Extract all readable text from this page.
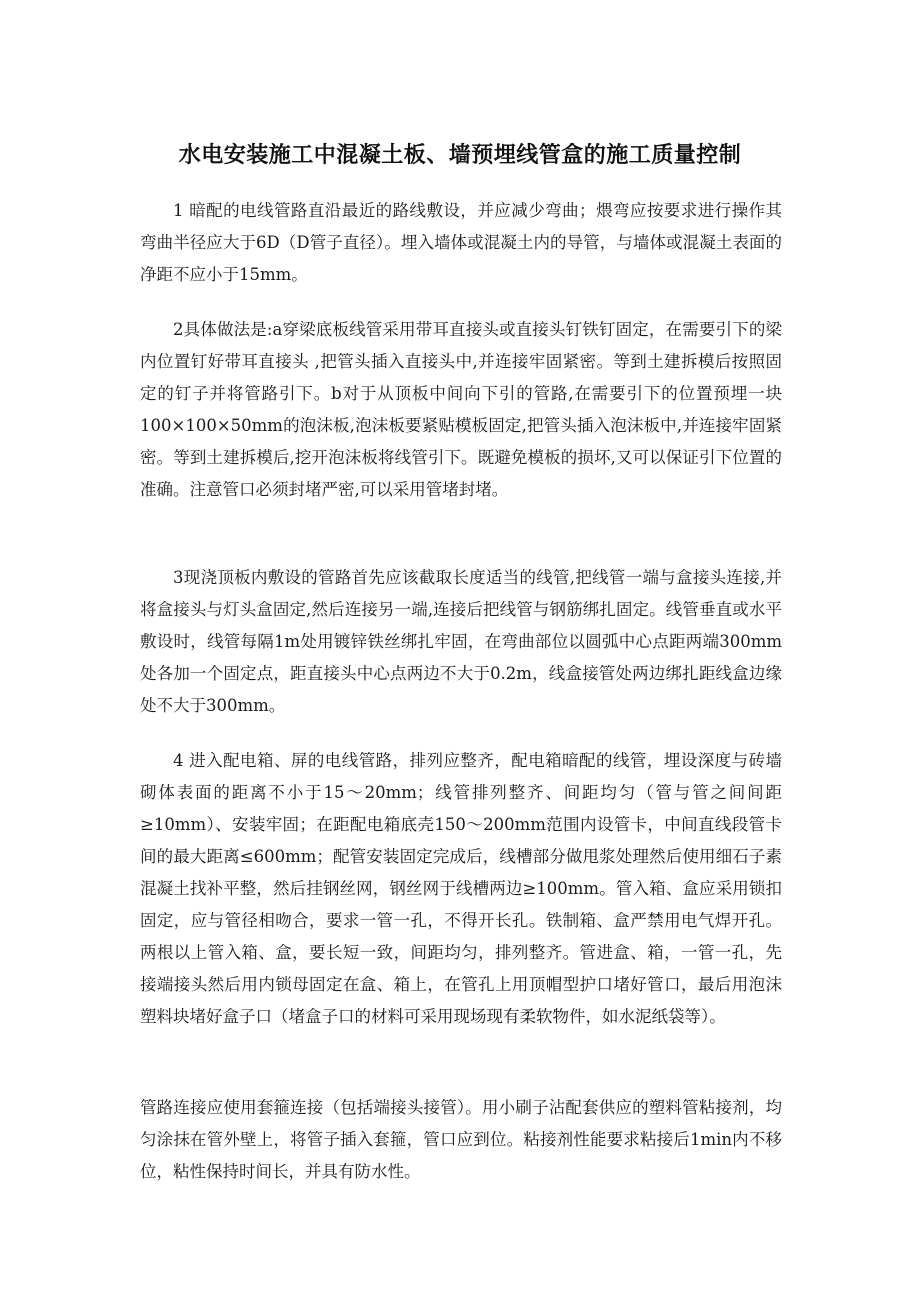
水电安装施工中混凝土板、墙预埋线管盒的施工质量控制

1 暗配的电线管路直沿最近的路线敷设，并应减少弯曲；煨弯应按要求进行操作其弯曲半径应大于6D（D管子直径）。埋入墙体或混凝土内的导管，与墙体或混凝土表面的净距不应小于15mm。

2具体做法是:a穿梁底板线管采用带耳直接头或直接头钉铁钉固定，在需要引下的梁内位置钉好带耳直接头 ,把管头插入直接头中,并连接牢固紧密。等到土建拆模后按照固定的钉子并将管路引下。b对于从顶板中间向下引的管路,在需要引下的位置预埋一块100×100×50mm的泡沫板,泡沫板要紧贴模板固定,把管头插入泡沫板中,并连接牢固紧密。等到土建拆模后,挖开泡沫板将线管引下。既避免模板的损坏,又可以保证引下位置的准确。注意管口必须封堵严密,可以采用管堵封堵。

3现浇顶板内敷设的管路首先应该截取长度适当的线管,把线管一端与盒接头连接,并将盒接头与灯头盒固定,然后连接另一端,连接后把线管与钢筋绑扎固定。线管垂直或水平敷设时，线管每隔1m处用镀锌铁丝绑扎牢固，在弯曲部位以圆弧中心点距两端300mm处各加一个固定点，距直接头中心点两边不大于0.2m，线盒接管处两边绑扎距线盒边缘处不大于300mm。

4 进入配电箱、屏的电线管路，排列应整齐，配电箱暗配的线管，埋设深度与砖墙砌体表面的距离不小于15～20mm；线管排列整齐、间距均匀（管与管之间间距≥10mm）、安装牢固；在距配电箱底壳150～200mm范围内设管卡，中间直线段管卡间的最大距离≤600mm；配管安装固定完成后，线槽部分做甩浆处理然后使用细石子素混凝土找补平整，然后挂钢丝网，钢丝网于线槽两边≥100mm。管入箱、盒应采用锁扣固定，应与管径相吻合，要求一管一孔，不得开长孔。铁制箱、盒严禁用电气焊开孔。两根以上管入箱、盒，要长短一致，间距均匀，排列整齐。管进盒、箱，一管一孔，先接端接头然后用内锁母固定在盒、箱上，在管孔上用顶帽型护口堵好管口，最后用泡沫塑料块堵好盒子口（堵盒子口的材料可采用现场现有柔软物件，如水泥纸袋等）。

管路连接应使用套箍连接（包括端接头接管）。用小刷子沾配套供应的塑料管粘接剂，均匀涂抹在管外壁上，将管子插入套箍，管口应到位。粘接剂性能要求粘接后1min内不移位，粘性保持时间长，并具有防水性。
